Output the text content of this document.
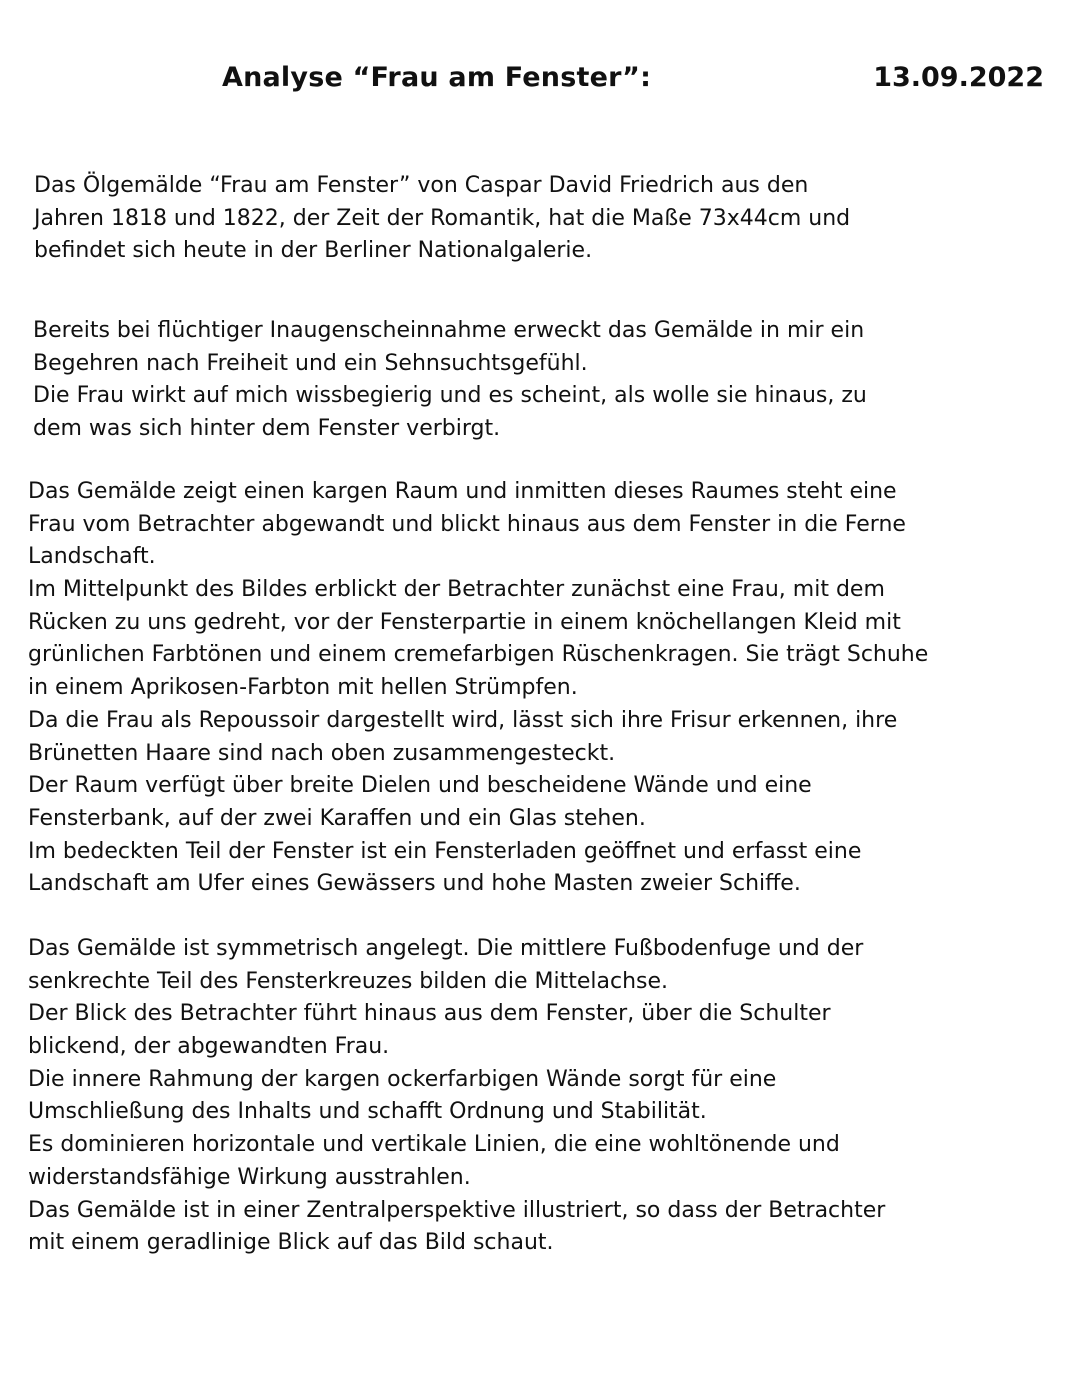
Analyse “Frau am Fenster”:	13.09.2022
Das Ölgemälde “Frau am Fenster” von Caspar David Friedrich aus den
Jahren 1818 und 1822, der Zeit der Romantik, hat die Maße 73x44cm und
befindet sich heute in der Berliner Nationalgalerie.
Bereits bei flüchtiger Inaugenscheinnahme erweckt das Gemälde in mir ein
Begehren nach Freiheit und ein Sehnsuchtsgefühl.
Die Frau wirkt auf mich wissbegierig und es scheint, als wolle sie hinaus, zu
dem was sich hinter dem Fenster verbirgt.
Das Gemälde zeigt einen kargen Raum und inmitten dieses Raumes steht eine
Frau vom Betrachter abgewandt und blickt hinaus aus dem Fenster in die Ferne
Landschaft.
Im Mittelpunkt des Bildes erblickt der Betrachter zunächst eine Frau, mit dem
Rücken zu uns gedreht, vor der Fensterpartie in einem knöchellangen Kleid mit
grünlichen Farbtönen und einem cremefarbigen Rüschenkragen. Sie trägt Schuhe
in einem Aprikosen-Farbton mit hellen Strümpfen.
Da die Frau als Repoussoir dargestellt wird, lässt sich ihre Frisur erkennen, ihre
Brünetten Haare sind nach oben zusammengesteckt.
Der Raum verfügt über breite Dielen und bescheidene Wände und eine
Fensterbank, auf der zwei Karaffen und ein Glas stehen.
Im bedeckten Teil der Fenster ist ein Fensterladen geöffnet und erfasst eine
Landschaft am Ufer eines Gewässers und hohe Masten zweier Schiffe.
Das Gemälde ist symmetrisch angelegt. Die mittlere Fußbodenfuge und der
senkrechte Teil des Fensterkreuzes bilden die Mittelachse.
Der Blick des Betrachter führt hinaus aus dem Fenster, über die Schulter
blickend, der abgewandten Frau.
Die innere Rahmung der kargen ockerfarbigen Wände sorgt für eine
Umschließung des Inhalts und schafft Ordnung und Stabilität.
Es dominieren horizontale und vertikale Linien, die eine wohltönende und
widerstandsfähige Wirkung ausstrahlen.
Das Gemälde ist in einer Zentralperspektive illustriert, so dass der Betrachter
mit einem geradlinige Blick auf das Bild schaut.
